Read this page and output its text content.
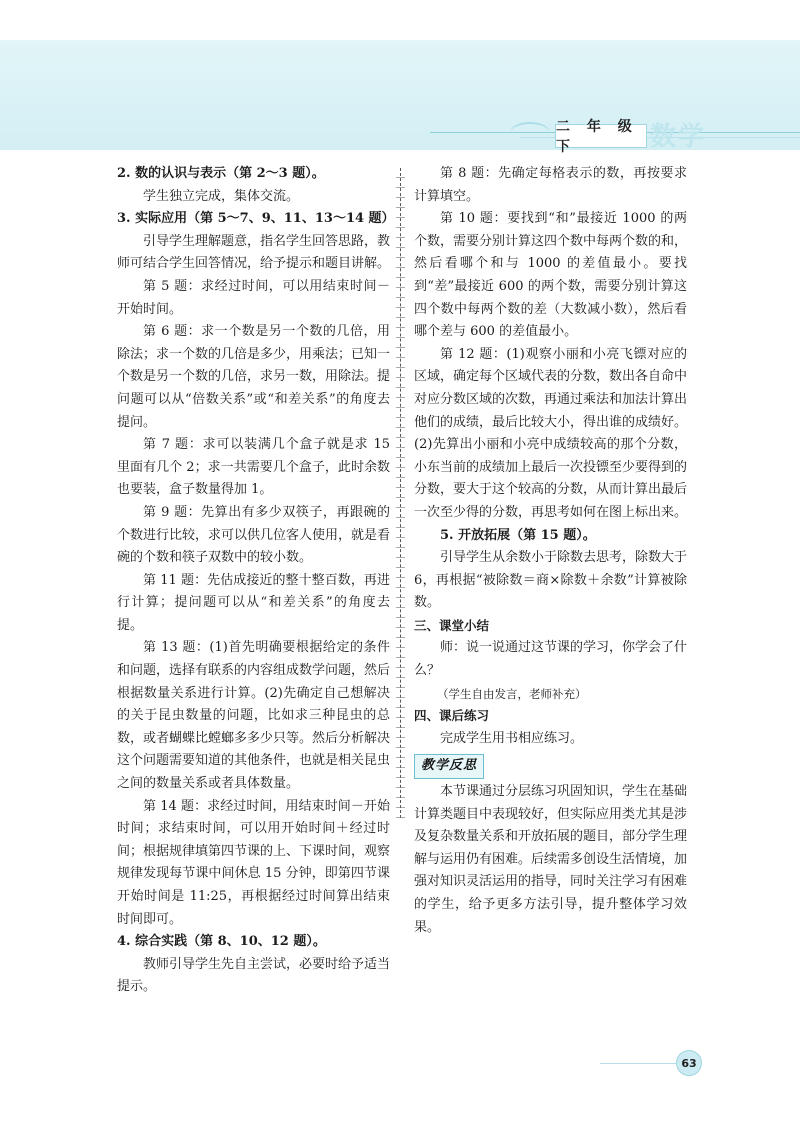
二 年 级 下	数学

2. 数的认识与表示（第 2～3 题）。

学生独立完成，集体交流。

3. 实际应用（第 5～7、9、11、13～14 题）

引导学生理解题意，指名学生回答思路，教师可结合学生回答情况，给予提示和题目讲解。

第 5 题：求经过时间，可以用结束时间－开始时间。

第 6 题：求一个数是另一个数的几倍，用除法；求一个数的几倍是多少，用乘法；已知一个数是另一个数的几倍，求另一数，用除法。提问题可以从“倍数关系”或“和差关系”的角度去提问。

第 7 题：求可以装满几个盒子就是求 15 里面有几个 2；求一共需要几个盒子，此时余数也要装，盒子数量得加 1。

第 9 题：先算出有多少双筷子，再跟碗的个数进行比较，求可以供几位客人使用，就是看碗的个数和筷子双数中的较小数。

第 11 题：先估成接近的整十整百数，再进行计算；提问题可以从“和差关系”的角度去提。

第 13 题：(1)首先明确要根据给定的条件和问题，选择有联系的内容组成数学问题，然后根据数量关系进行计算。(2)先确定自己想解决的关于昆虫数量的问题，比如求三种昆虫的总数，或者蝴蝶比螳螂多多少只等。然后分析解决这个问题需要知道的其他条件，也就是相关昆虫之间的数量关系或者具体数量。

第 14 题：求经过时间，用结束时间－开始时间；求结束时间，可以用开始时间＋经过时间；根据规律填第四节课的上、下课时间，观察规律发现每节课中间休息 15 分钟，即第四节课开始时间是 11:25，再根据经过时间算出结束时间即可。

4. 综合实践（第 8、10、12 题）。

教师引导学生先自主尝试，必要时给予适当提示。

第 8 题：先确定每格表示的数，再按要求计算填空。

第 10 题：要找到“和”最接近 1000 的两个数，需要分别计算这四个数中每两个数的和，然后看哪个和与 1000 的差值最小。要找到“差”最接近 600 的两个数，需要分别计算这四个数中每两个数的差（大数减小数），然后看哪个差与 600 的差值最小。

第 12 题：(1)观察小丽和小亮飞镖对应的区域，确定每个区域代表的分数，数出各自命中对应分数区域的次数，再通过乘法和加法计算出他们的成绩，最后比较大小，得出谁的成绩好。(2)先算出小丽和小亮中成绩较高的那个分数，小东当前的成绩加上最后一次投镖至少要得到的分数，要大于这个较高的分数，从而计算出最后一次至少得的分数，再思考如何在图上标出来。

5. 开放拓展（第 15 题）。

引导学生从余数小于除数去思考，除数大于 6，再根据“被除数＝商×除数＋余数”计算被除数。

三、课堂小结

师：说一说通过这节课的学习，你学会了什么？

（学生自由发言，老师补充）

四、课后练习

完成学生用书相应练习。

教学反思

本节课通过分层练习巩固知识，学生在基础计算类题目中表现较好，但实际应用类尤其是涉及复杂数量关系和开放拓展的题目，部分学生理解与运用仍有困难。后续需多创设生活情境，加强对知识灵活运用的指导，同时关注学习有困难的学生，给予更多方法引导，提升整体学习效果。

63
